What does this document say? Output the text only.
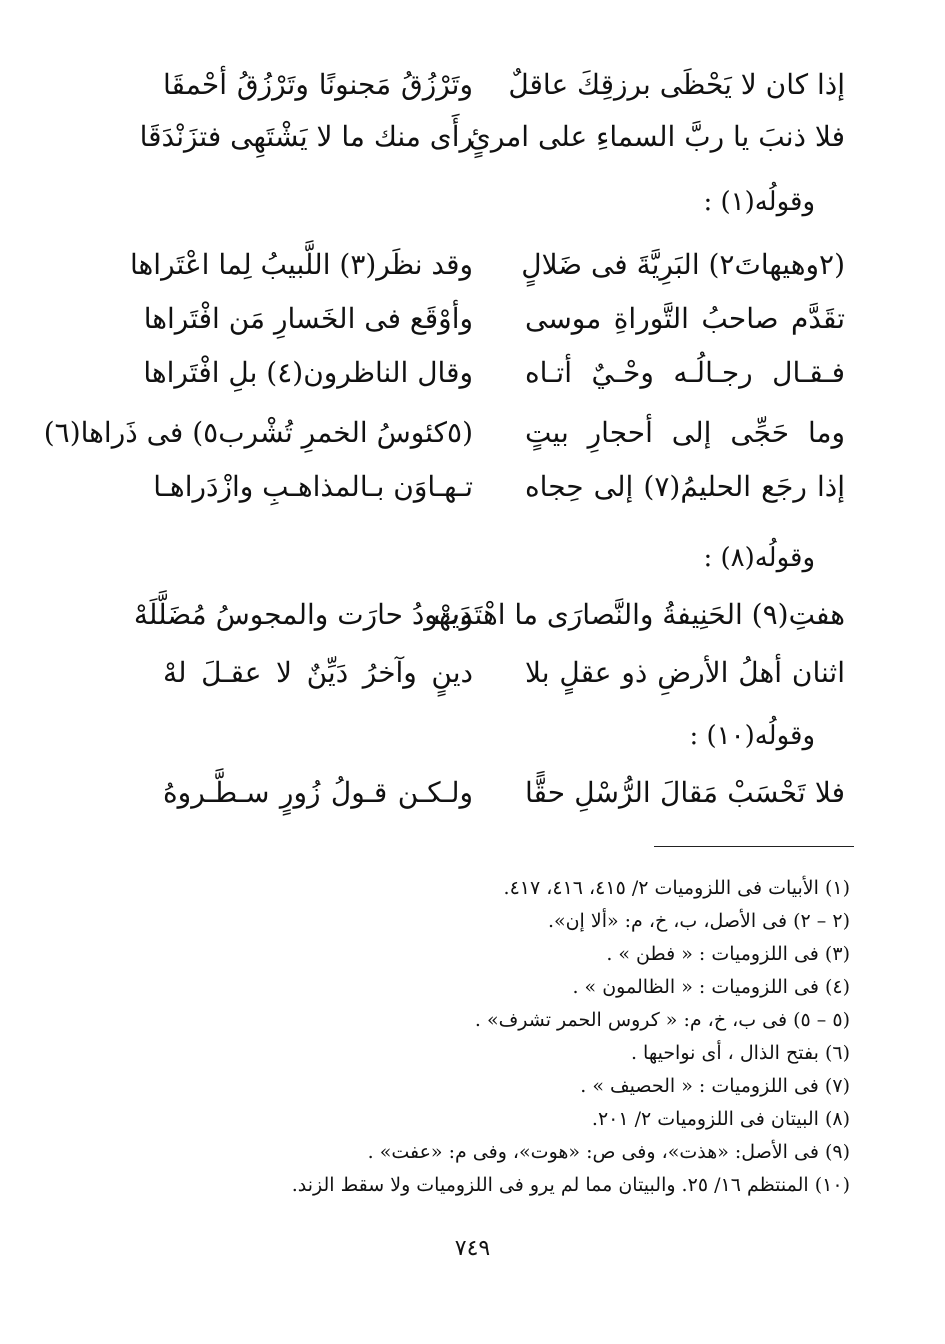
إذا كان لا يَحْظَى برزقِكَ عاقلٌ
وتَرْزُقُ مَجنونًا وتَرْزُقُ أحْمقَا
فلا ذنبَ يا ربَّ السماءِ على امرئٍ
رأَى منك ما لا يَشْتَهِى فتزَنْدَقَا
وقولُه(١) :
(٢وهيهاتَ٢) البَرِيَّةَ فى ضَلالٍ
وقد نظَر(٣) اللَّبيبُ لِما اعْتَراها
تقَدَّم صاحبُ التَّوراةِ موسى
وأوْقَع فى الخَسارِ مَن افْتَراها
فـقـال رجـالُـه وحْـيٌ أتـاه
وقال الناظرون(٤) بلِ افْتَراها
وما حَجِّى إلى أحجارِ بيتٍ
(٥كئوسُ الخمرِ تُشْرب٥) فى ذَراها(٦)
إذا رجَع الحليمُ(٧) إلى حِجاه
تـهـاوَن بـالمذاهـبِ وازْدَراهـا
وقولُه(٨) :
هفتِ(٩) الحَنِيفةُ والنَّصارَى ما اهْتَدَتْ
ويهودُ حارَت والمجوسُ مُضَلَّلَهْ
اثنان أهلُ الأرضِ ذو عقلٍ بلا
دينٍ وآخرُ دَيِّنٌ لا عقـلَ لهْ
وقولُه(١٠) :
فلا تَحْسَبْ مَقالَ الرُّسْلِ حقًّا
ولـكـن قـولُ زُورٍ سـطَّـروهُ
(١) الأبيات فى اللزوميات ٢/ ٤١٥، ٤١٦، ٤١٧.
(٢ – ٢) فى الأصل، ب، خ، م: «ألا إن».
(٣) فى اللزوميات : « فطن » .
(٤) فى اللزوميات : « الظالمون » .
(٥ – ٥) فى ب، خ، م: « كروس الحمر تشرف» .
(٦) بفتح الذال ، أى نواحيها .
(٧) فى اللزوميات : « الحصيف » .
(٨) البيتان فى اللزوميات ٢/ ٢٠١.
(٩) فى الأصل: «هذت»، وفى ص: «هوت»، وفى م: «عفت» .
(١٠) المنتظم ١٦/ ٢٥. والبيتان مما لم يرو فى اللزوميات ولا سقط الزند.
٧٤٩
